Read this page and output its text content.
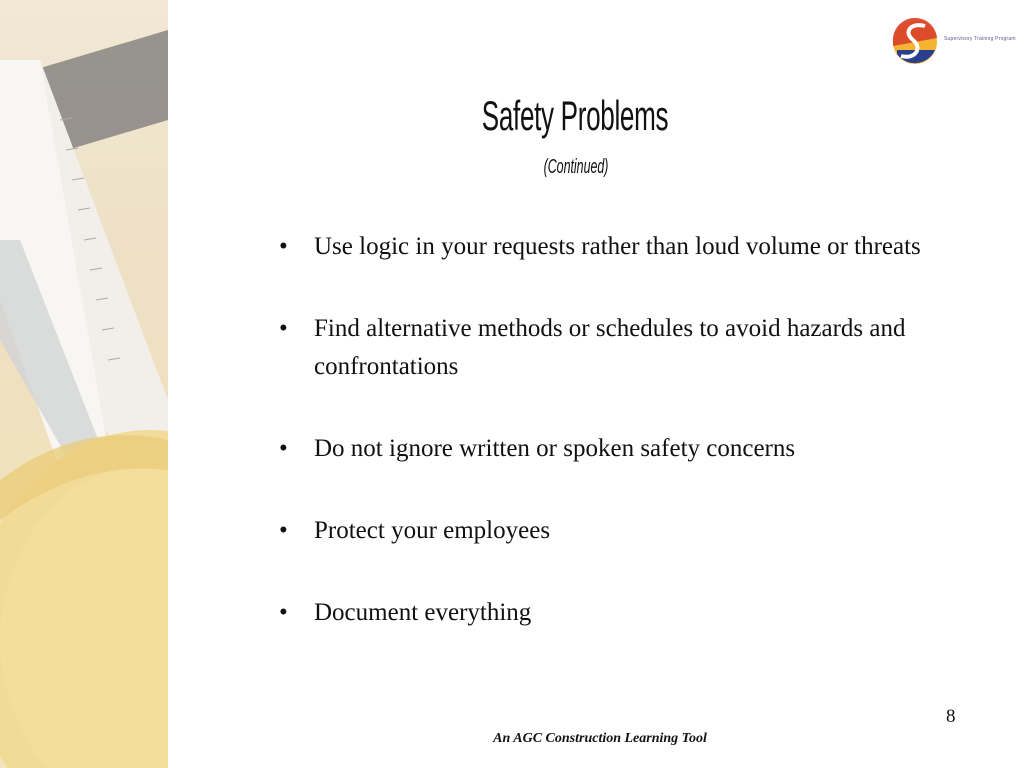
Supervisory Training Program
Safety Problems
(Continued)
• Use logic in your requests rather than loud volume or threats
• Find alternative methods or schedules to avoid hazards and confrontations
• Do not ignore written or spoken safety concerns
• Protect your employees
• Document everything
8
An AGC Construction Learning Tool
